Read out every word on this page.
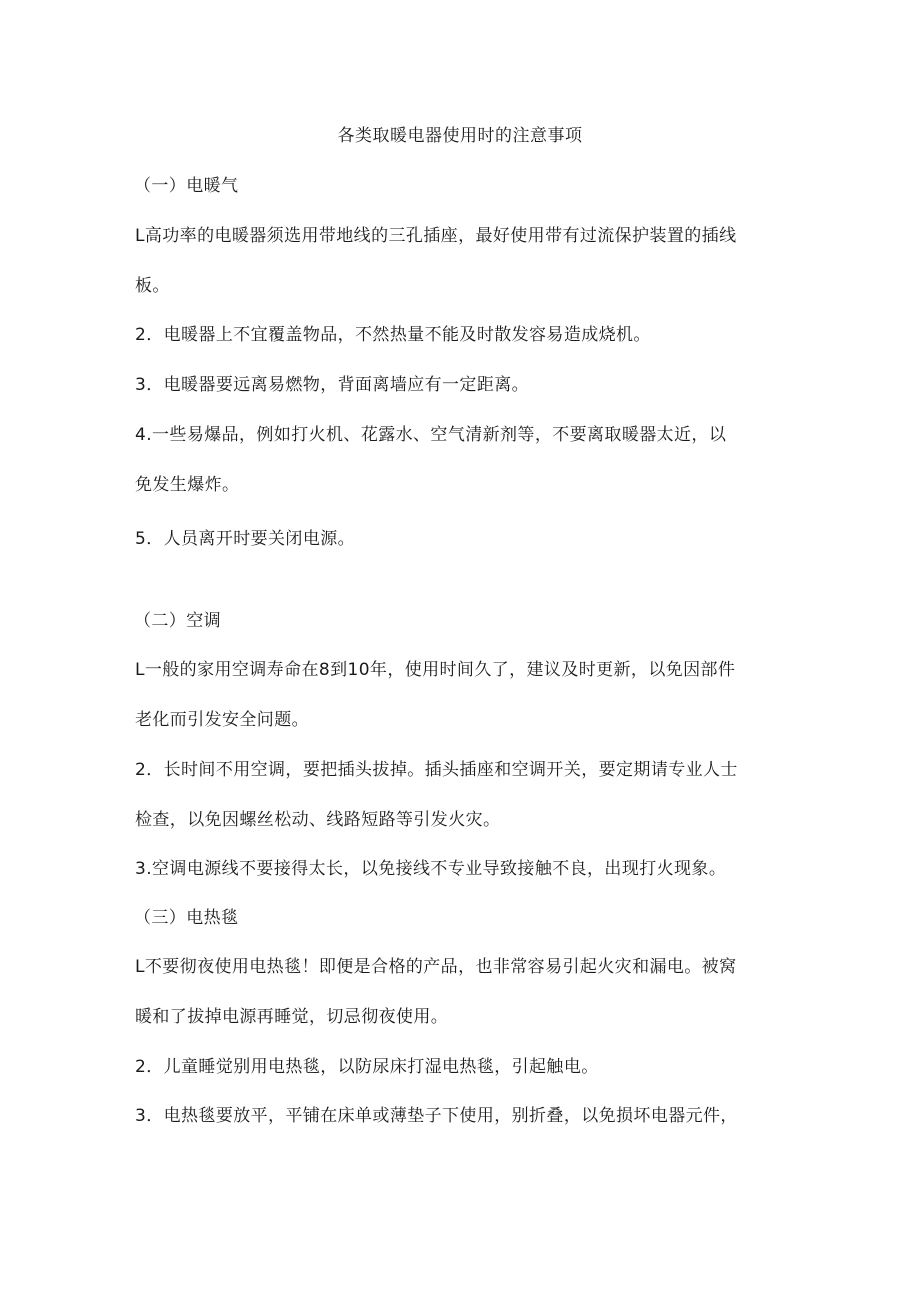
各类取暖电器使用时的注意事项
（一）电暖气
L高功率的电暖器须选用带地线的三孔插座，最好使用带有过流保护装置的插线
板。
2．电暖器上不宜覆盖物品，不然热量不能及时散发容易造成烧机。
3．电暖器要远离易燃物，背面离墙应有一定距离。
4.一些易爆品，例如打火机、花露水、空气清新剂等，不要离取暖器太近，以
免发生爆炸。
5．人员离开时要关闭电源。
（二）空调
L一般的家用空调寿命在8到10年，使用时间久了，建议及时更新，以免因部件
老化而引发安全问题。
2．长时间不用空调，要把插头拔掉。插头插座和空调开关，要定期请专业人士
检查，以免因螺丝松动、线路短路等引发火灾。
3.空调电源线不要接得太长，以免接线不专业导致接触不良，出现打火现象。
（三）电热毯
L不要彻夜使用电热毯！即便是合格的产品，也非常容易引起火灾和漏电。被窝
暖和了拔掉电源再睡觉，切忌彻夜使用。
2．儿童睡觉别用电热毯，以防尿床打湿电热毯，引起触电。
3．电热毯要放平，平铺在床单或薄垫子下使用，别折叠，以免损坏电器元件，
